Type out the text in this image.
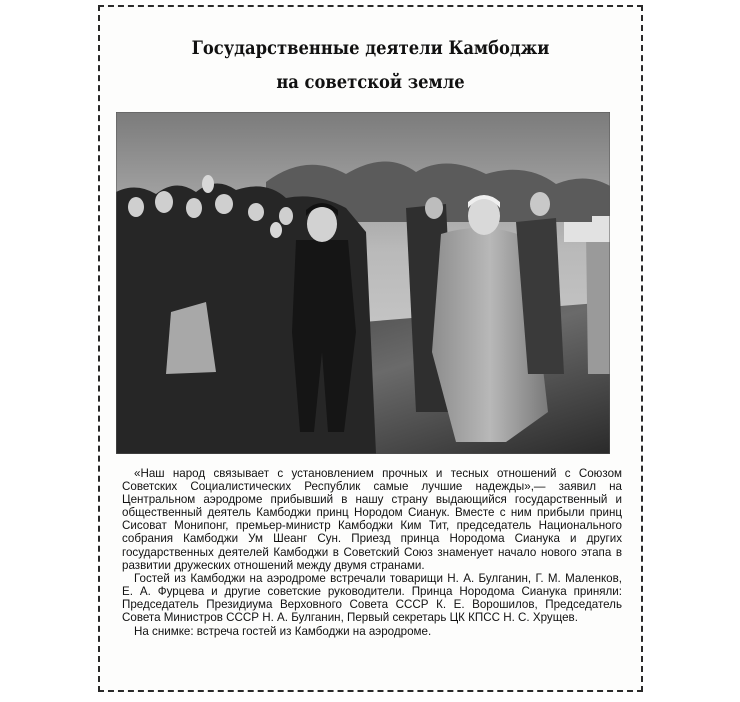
Государственные деятели Камбоджи
на советской земле

«Наш народ связывает с установлением прочных и тесных отношений с Союзом Советских Социалистических Республик самые лучшие надежды»,— заявил на Центральном аэродроме прибывший в нашу страну выдающийся государственный и общественный деятель Камбоджи принц Нородом Сианук. Вместе с ним прибыли принц Сисоват Монипонг, премьер-министр Камбоджи Ким Тит, председатель Национального собрания Камбоджи Ум Шеанг Сун. Приезд принца Нородома Сианука и других государственных деятелей Камбоджи в Советский Союз знаменует начало нового этапа в развитии дружеских отношений между двумя странами.

Гостей из Камбоджи на аэродроме встречали товарищи Н. А. Булганин, Г. М. Маленков, Е. А. Фурцева и другие советские руководители. Принца Нородома Сианука приняли: Председатель Президиума Верховного Совета СССР К. Е. Ворошилов, Председатель Совета Министров СССР Н. А. Булганин, Первый секретарь ЦК КПСС Н. С. Хрущев.

На снимке: встреча гостей из Камбоджи на аэродроме.
